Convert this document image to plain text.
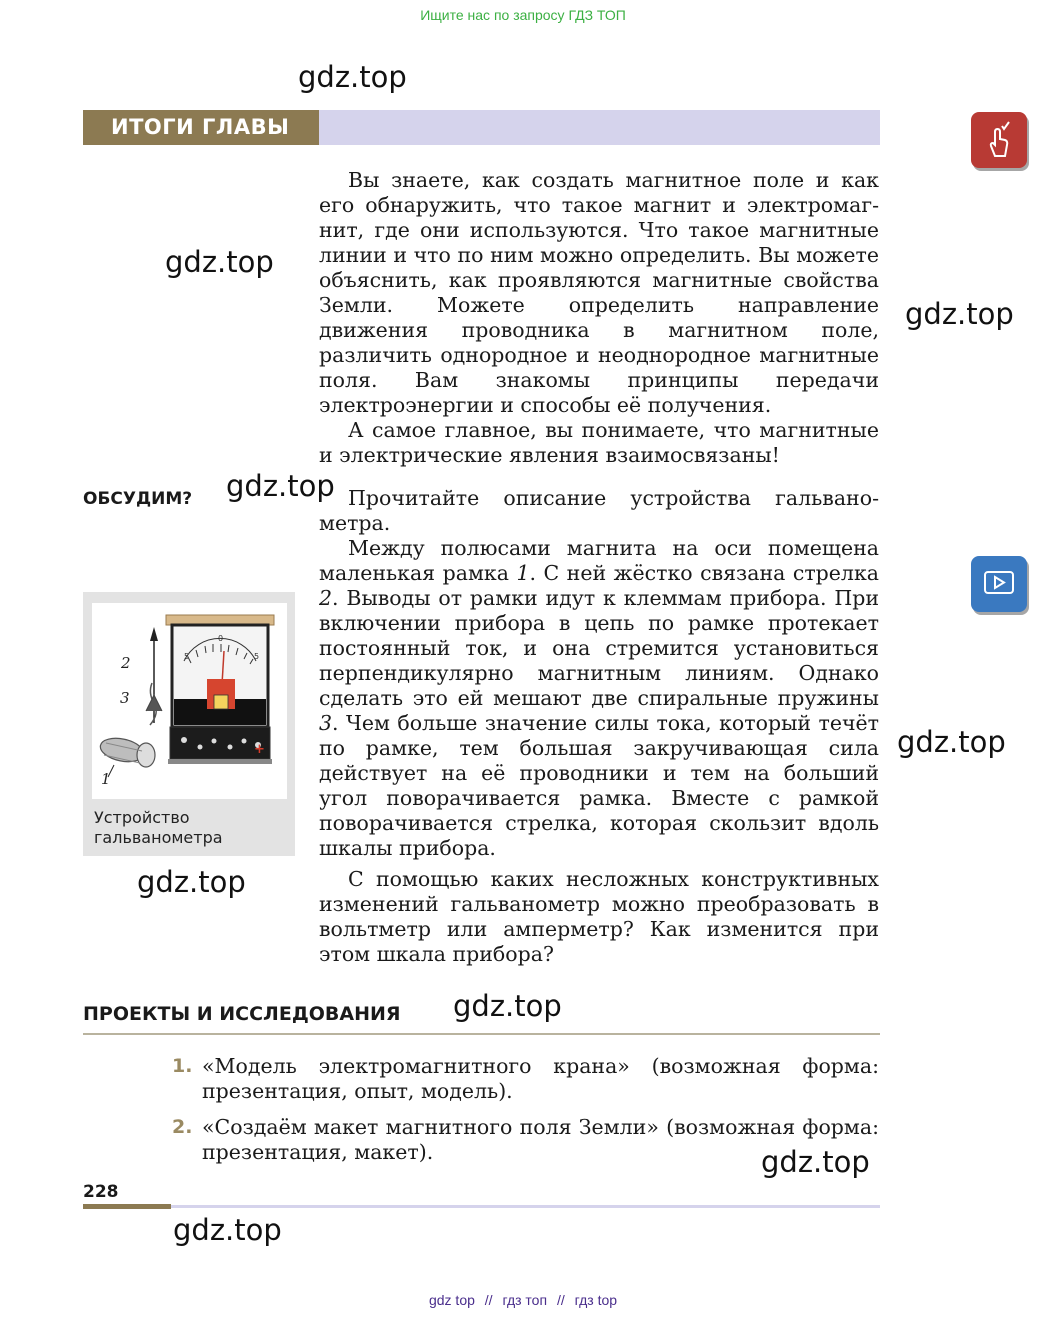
Ищите нас по запросу ГДЗ ТОП
gdz.top
gdz.top
gdz.top
gdz.top
gdz.top
gdz.top
gdz.top
gdz.top
gdz.top
ИТОГИ ГЛАВЫ

Вы знаете, как создать магнитное поле и как его обнаружить, что такое магнит и электромагнит, где они используются. Что такое магнитные линии и что по ним можно определить. Вы можете объяснить, как проявляются магнитные свойства Земли. Можете определить направление движения проводника в магнитном поле, различить однородное и неоднородное магнитные поля. Вам знакомы принципы передачи электроэнергии и способы её получения.

А самое главное, вы понимаете, что магнитные и электрические явления взаимосвязаны!

ОБСУДИМ?	Прочитайте описание устройства гальванометра.

Между полюсами магнита на оси помещена маленькая рамка 1. С ней жёстко связана стрелка 2. Выводы от рамки идут к клеммам прибора. При включении прибора в цепь по рамке протекает постоянный ток, и она стремится установиться перпендикулярно магнитным линиям. Однако сделать это ей мешают две спиральные пружины 3. Чем больше значение силы тока, который течёт по рамке, тем большая закручивающая сила действует на её проводники и тем на больший угол поворачивается рамка. Вместе с рамкой поворачивается стрелка, которая скользит вдоль шкалы прибора.

С помощью каких несложных конструктивных изменений гальванометр можно преобразовать в вольтметр или амперметр? Как изменится при этом шкала прибора?

2
3
1
5
0
5
+
Устройство гальванометра
ПРОЕКТЫ И ИССЛЕДОВАНИЯ
1. «Модель электромагнитного крана» (возможная форма: презентация, опыт, модель).
2. «Создаём макет магнитного поля Земли» (возможная форма: презентация, макет).
228
gdz top // гдз топ // гдз top
